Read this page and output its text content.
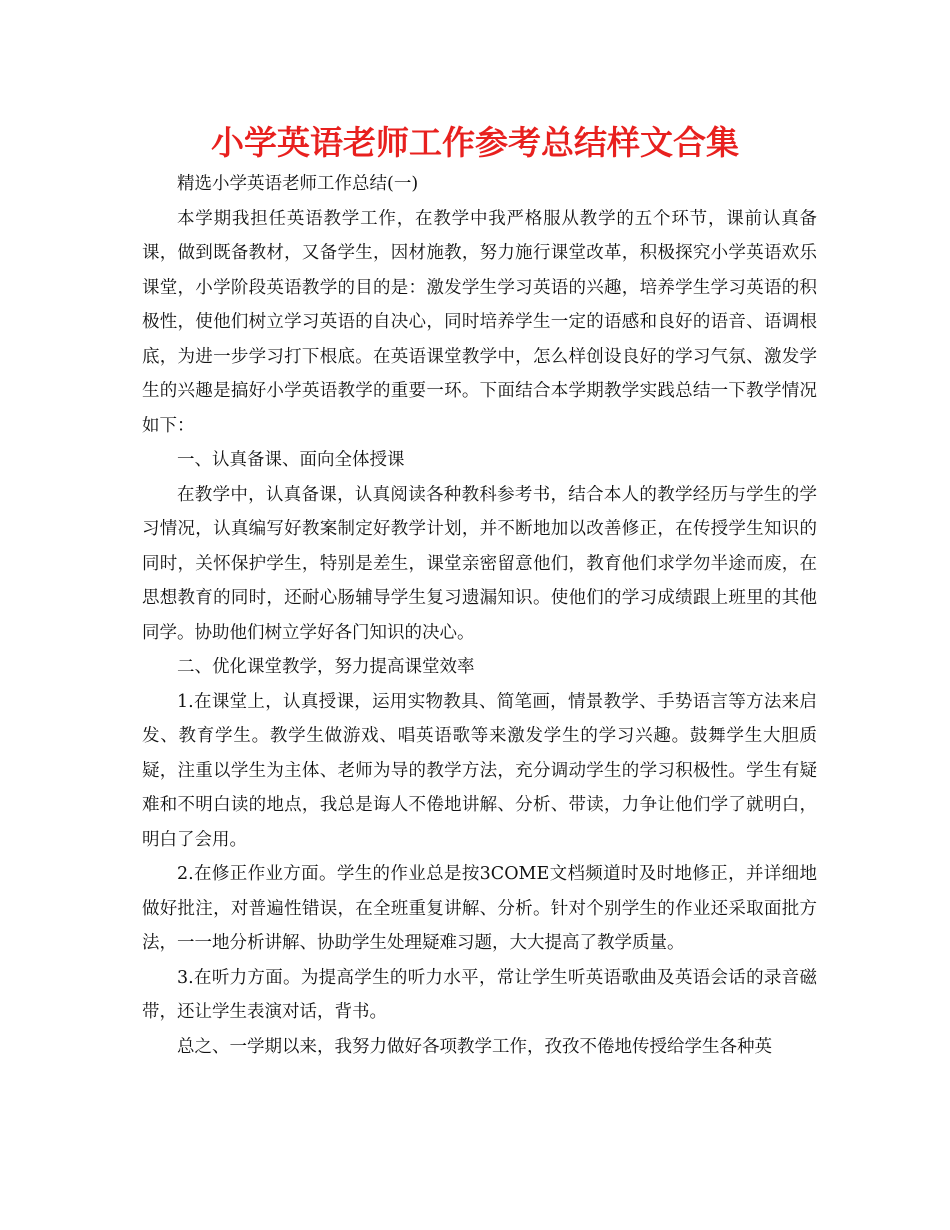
小学英语老师工作参考总结样文合集

精选小学英语老师工作总结(一)

本学期我担任英语教学工作，在教学中我严格服从教学的五个环节，课前认真备课，做到既备教材，又备学生，因材施教，努力施行课堂改革，积极探究小学英语欢乐课堂，小学阶段英语教学的目的是：激发学生学习英语的兴趣，培养学生学习英语的积极性，使他们树立学习英语的自决心，同时培养学生一定的语感和良好的语音、语调根底，为进一步学习打下根底。在英语课堂教学中，怎么样创设良好的学习气氛、激发学生的兴趣是搞好小学英语教学的重要一环。下面结合本学期教学实践总结一下教学情况如下：

一、认真备课、面向全体授课

在教学中，认真备课，认真阅读各种教科参考书，结合本人的教学经历与学生的学习情况，认真编写好教案制定好教学计划，并不断地加以改善修正，在传授学生知识的同时，关怀保护学生，特别是差生，课堂亲密留意他们，教育他们求学勿半途而废，在思想教育的同时，还耐心肠辅导学生复习遗漏知识。使他们的学习成绩跟上班里的其他同学。协助他们树立学好各门知识的决心。

二、优化课堂教学，努力提高课堂效率

1.在课堂上，认真授课，运用实物教具、简笔画，情景教学、手势语言等方法来启发、教育学生。教学生做游戏、唱英语歌等来激发学生的学习兴趣。鼓舞学生大胆质疑，注重以学生为主体、老师为导的教学方法，充分调动学生的学习积极性。学生有疑难和不明白读的地点，我总是诲人不倦地讲解、分析、带读，力争让他们学了就明白，明白了会用。

2.在修正作业方面。学生的作业总是按3COME文档频道时及时地修正，并详细地做好批注，对普遍性错误，在全班重复讲解、分析。针对个别学生的作业还采取面批方法，一一地分析讲解、协助学生处理疑难习题，大大提高了教学质量。

3.在听力方面。为提高学生的听力水平，常让学生听英语歌曲及英语会话的录音磁带，还让学生表演对话，背书。

总之、一学期以来，我努力做好各项教学工作，孜孜不倦地传授给学生各种英
